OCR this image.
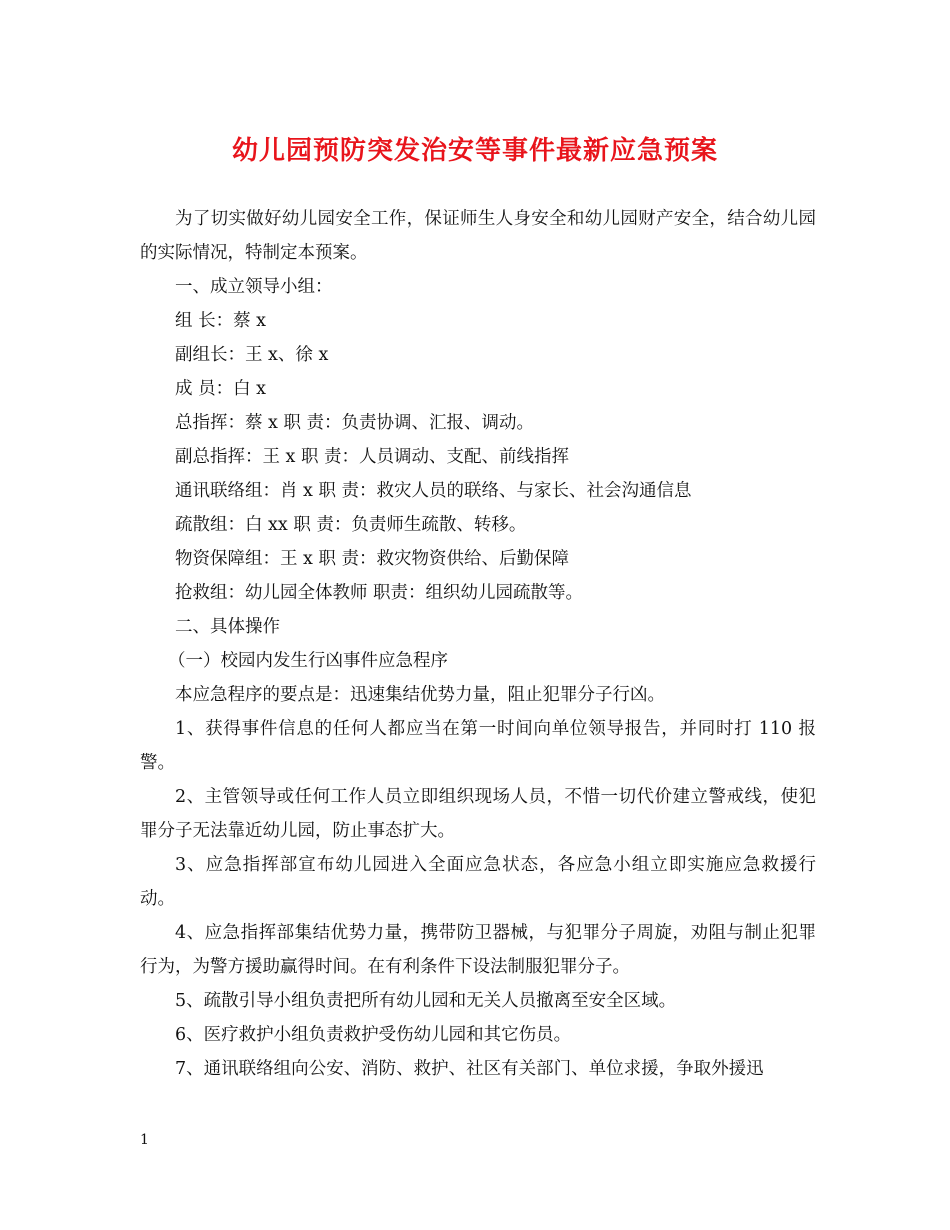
幼儿园预防突发治安等事件最新应急预案

为了切实做好幼儿园安全工作，保证师生人身安全和幼儿园财产安全，结合幼儿园的实际情况，特制定本预案。

一、成立领导小组：

组 长：蔡 x

副组长：王 x、徐 x

成 员：白 x

总指挥：蔡 x 职 责：负责协调、汇报、调动。

副总指挥：王 x 职 责：人员调动、支配、前线指挥

通讯联络组：肖 x 职 责：救灾人员的联络、与家长、社会沟通信息

疏散组：白 xx 职 责：负责师生疏散、转移。

物资保障组：王 x 职 责：救灾物资供给、后勤保障

抢救组：幼儿园全体教师 职责：组织幼儿园疏散等。

二、具体操作

（一）校园内发生行凶事件应急程序

本应急程序的要点是：迅速集结优势力量，阻止犯罪分子行凶。

1、获得事件信息的任何人都应当在第一时间向单位领导报告，并同时打 110 报警。

2、主管领导或任何工作人员立即组织现场人员，不惜一切代价建立警戒线，使犯罪分子无法靠近幼儿园，防止事态扩大。

3、应急指挥部宣布幼儿园进入全面应急状态，各应急小组立即实施应急救援行动。

4、应急指挥部集结优势力量，携带防卫器械，与犯罪分子周旋，劝阻与制止犯罪行为，为警方援助赢得时间。在有利条件下设法制服犯罪分子。

5、疏散引导小组负责把所有幼儿园和无关人员撤离至安全区域。

6、医疗救护小组负责救护受伤幼儿园和其它伤员。

7、通讯联络组向公安、消防、救护、社区有关部门、单位求援，争取外援迅

1
